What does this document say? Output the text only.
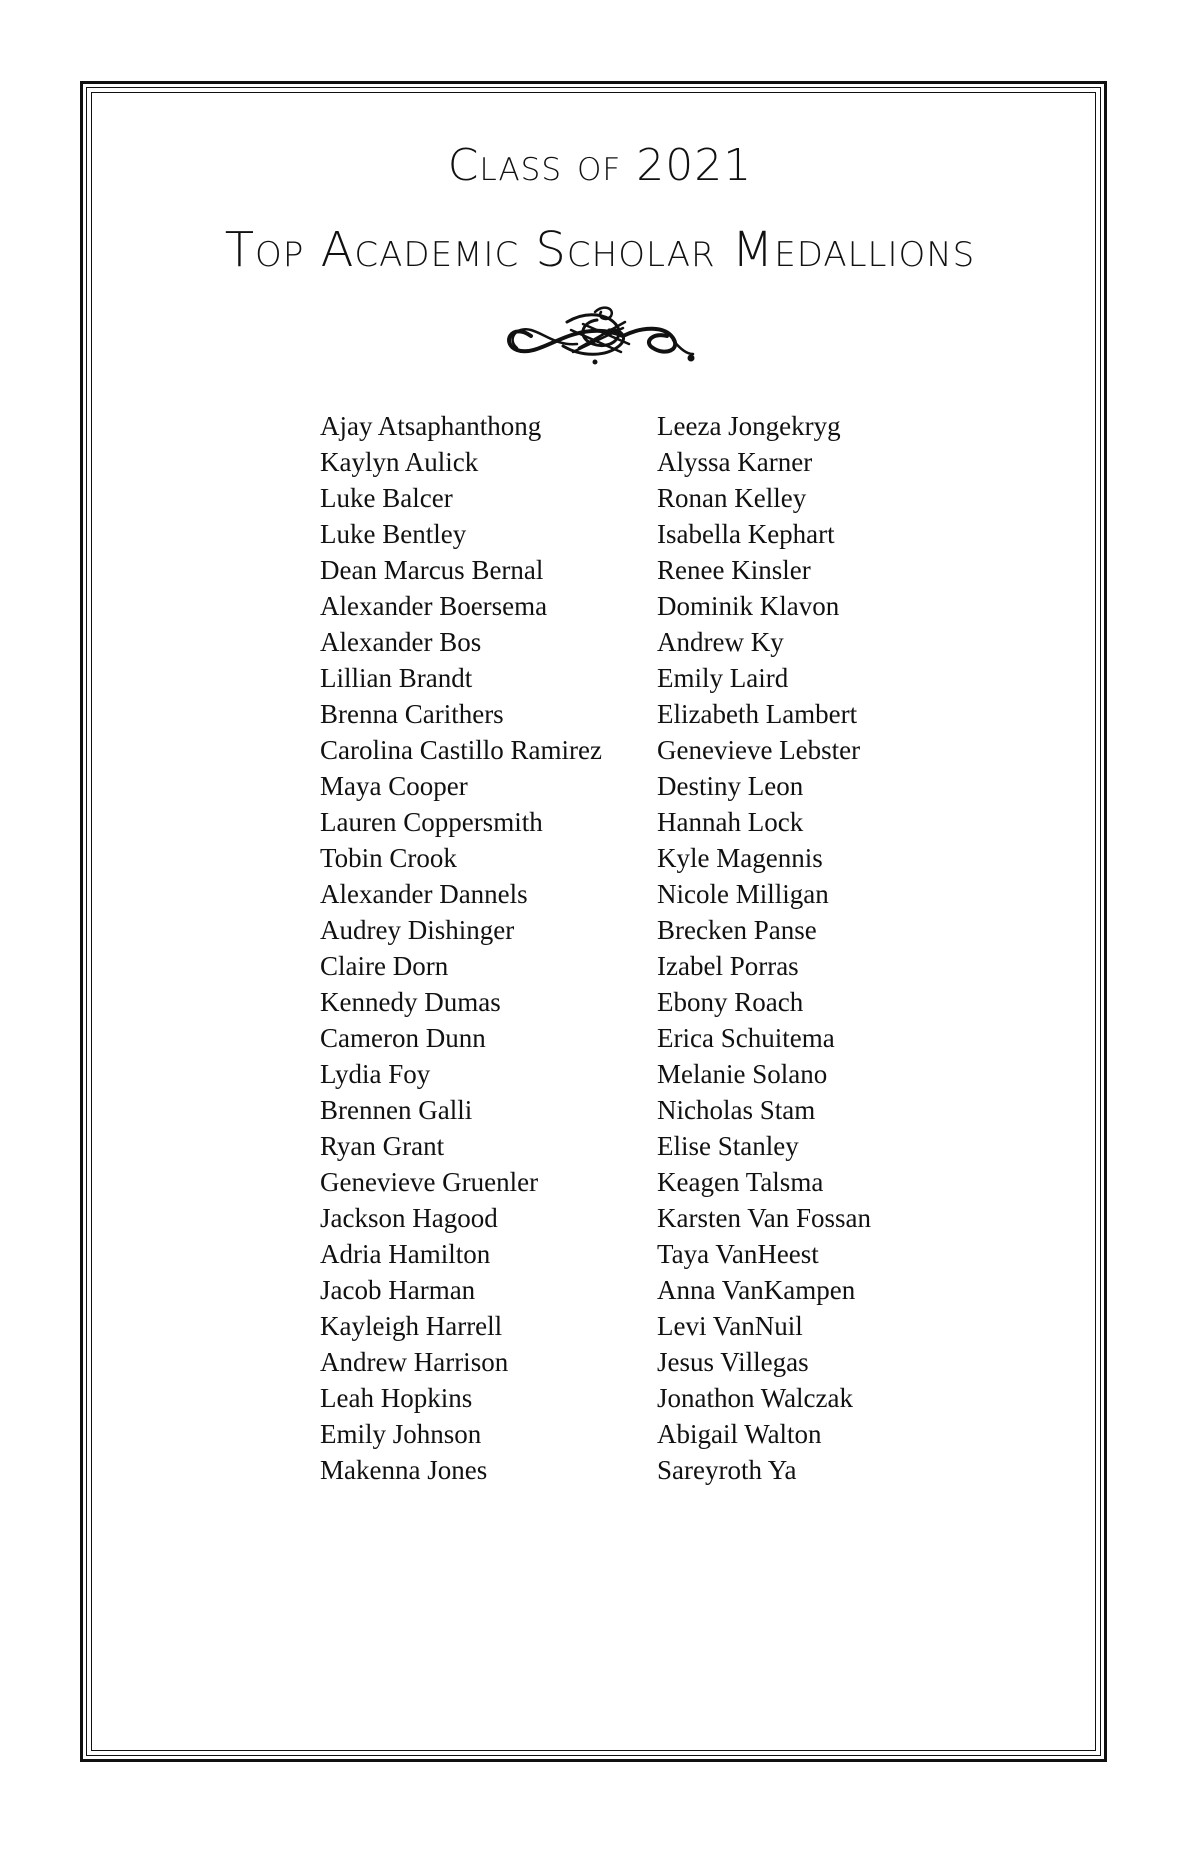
Class of 2021
Top Academic Scholar Medallions
Ajay Atsaphanthong
Kaylyn Aulick
Luke Balcer
Luke Bentley
Dean Marcus Bernal
Alexander Boersema
Alexander Bos
Lillian Brandt
Brenna Carithers
Carolina Castillo Ramirez
Maya Cooper
Lauren Coppersmith
Tobin Crook
Alexander Dannels
Audrey Dishinger
Claire Dorn
Kennedy Dumas
Cameron Dunn
Lydia Foy
Brennen Galli
Ryan Grant
Genevieve Gruenler
Jackson Hagood
Adria Hamilton
Jacob Harman
Kayleigh Harrell
Andrew Harrison
Leah Hopkins
Emily Johnson
Makenna Jones
Leeza Jongekryg
Alyssa Karner
Ronan Kelley
Isabella Kephart
Renee Kinsler
Dominik Klavon
Andrew Ky
Emily Laird
Elizabeth Lambert
Genevieve Lebster
Destiny Leon
Hannah Lock
Kyle Magennis
Nicole Milligan
Brecken Panse
Izabel Porras
Ebony Roach
Erica Schuitema
Melanie Solano
Nicholas Stam
Elise Stanley
Keagen Talsma
Karsten Van Fossan
Taya VanHeest
Anna VanKampen
Levi VanNuil
Jesus Villegas
Jonathon Walczak
Abigail Walton
Sareyroth Ya
